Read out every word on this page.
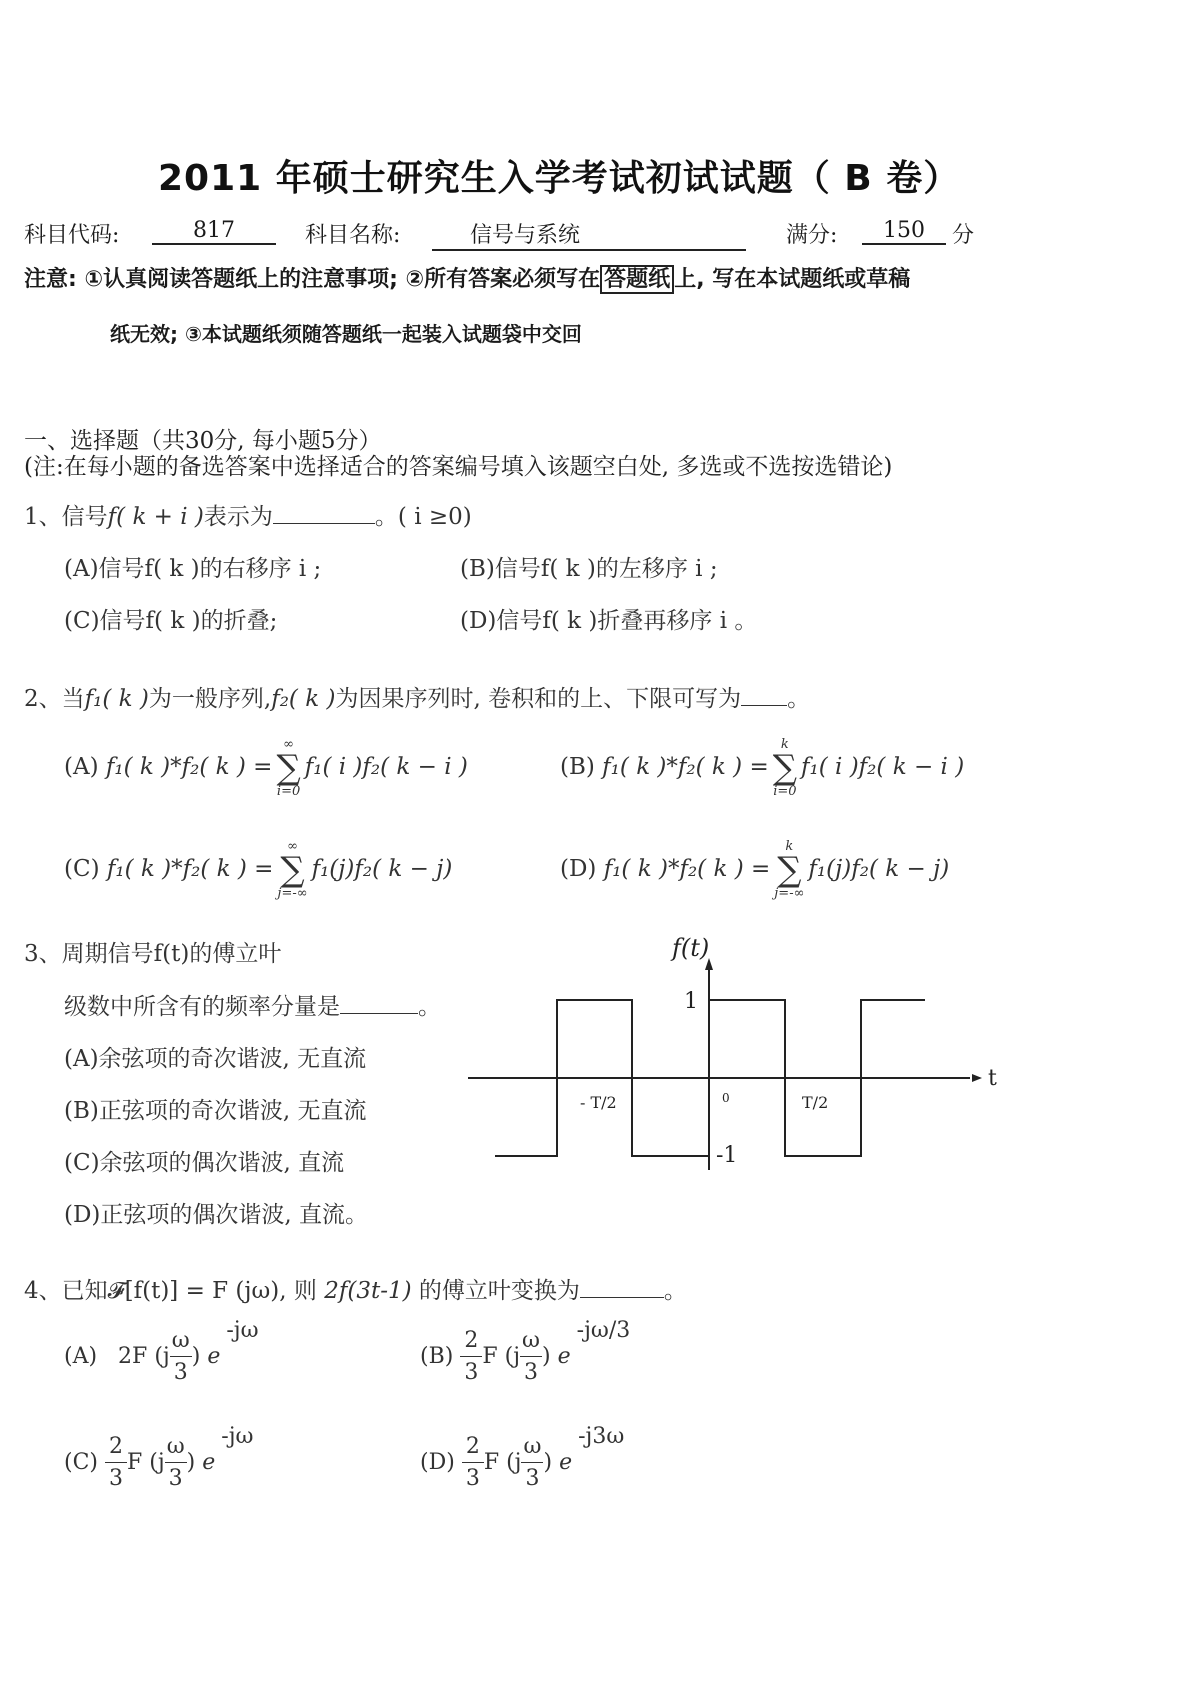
2011 年硕士研究生入学考试初试试题（ B 卷）
科目代码:	817	科目名称:	信号与系统	满分:	150	分
注意: ①认真阅读答题纸上的注意事项; ②所有答案必须写在 答题纸 上, 写在本试题纸或草稿
纸无效; ③本试题纸须随答题纸一起装入试题袋中交回
一、选择题（共30分, 每小题5分）
(注:在每小题的备选答案中选择适合的答案编号填入该题空白处, 多选或不选按选错论)
1、信号f( k + i )表示为	。( i ≥0)
(A)信号f( k )的右移序 i ;	(B)信号f( k )的左移序 i ;
(C)信号f( k )的折叠;	(D)信号f( k )折叠再移序 i 。
2、当f₁( k )为一般序列,f₂( k )为因果序列时, 卷积和的上、下限可写为 。
(A) f₁( k )*f₂( k ) =
∞
∑
i=0
f₁( i )f₂( k − i )	(B) f₁( k )*f₂( k ) =
k
∑
i=0
f₁( i )f₂( k − i )
(C) f₁( k )*f₂( k ) =
∞
∑
j=-∞
f₁(j)f₂( k − j)	(D) f₁( k )*f₂( k ) =
k
∑
j=-∞
f₁(j)f₂( k − j)
3、周期信号f(t)的傅立叶
级数中所含有的频率分量是	。
(A)余弦项的奇次谐波, 无直流
(B)正弦项的奇次谐波, 无直流
(C)余弦项的偶次谐波, 直流
(D)正弦项的偶次谐波, 直流。
f(t)
t
1
-1
0
- T/2	T/2
4、已知𝓕[f(t)] = F (jω), 则 2f(3t-1) 的傅立叶变换为	。
(A) 2F ($j \frac{\omega}{3}$ ) e-jω
$(B) \frac{2}{3}$ F ($j \frac{\omega}{3}$ ) e-jω/3
$(C) \frac{2}{3}$ F ($j \frac{\omega}{3}$ ) e-jω
$(D) \frac{2}{3}$ F ($j \frac{\omega}{3}$ ) e-j3ω
